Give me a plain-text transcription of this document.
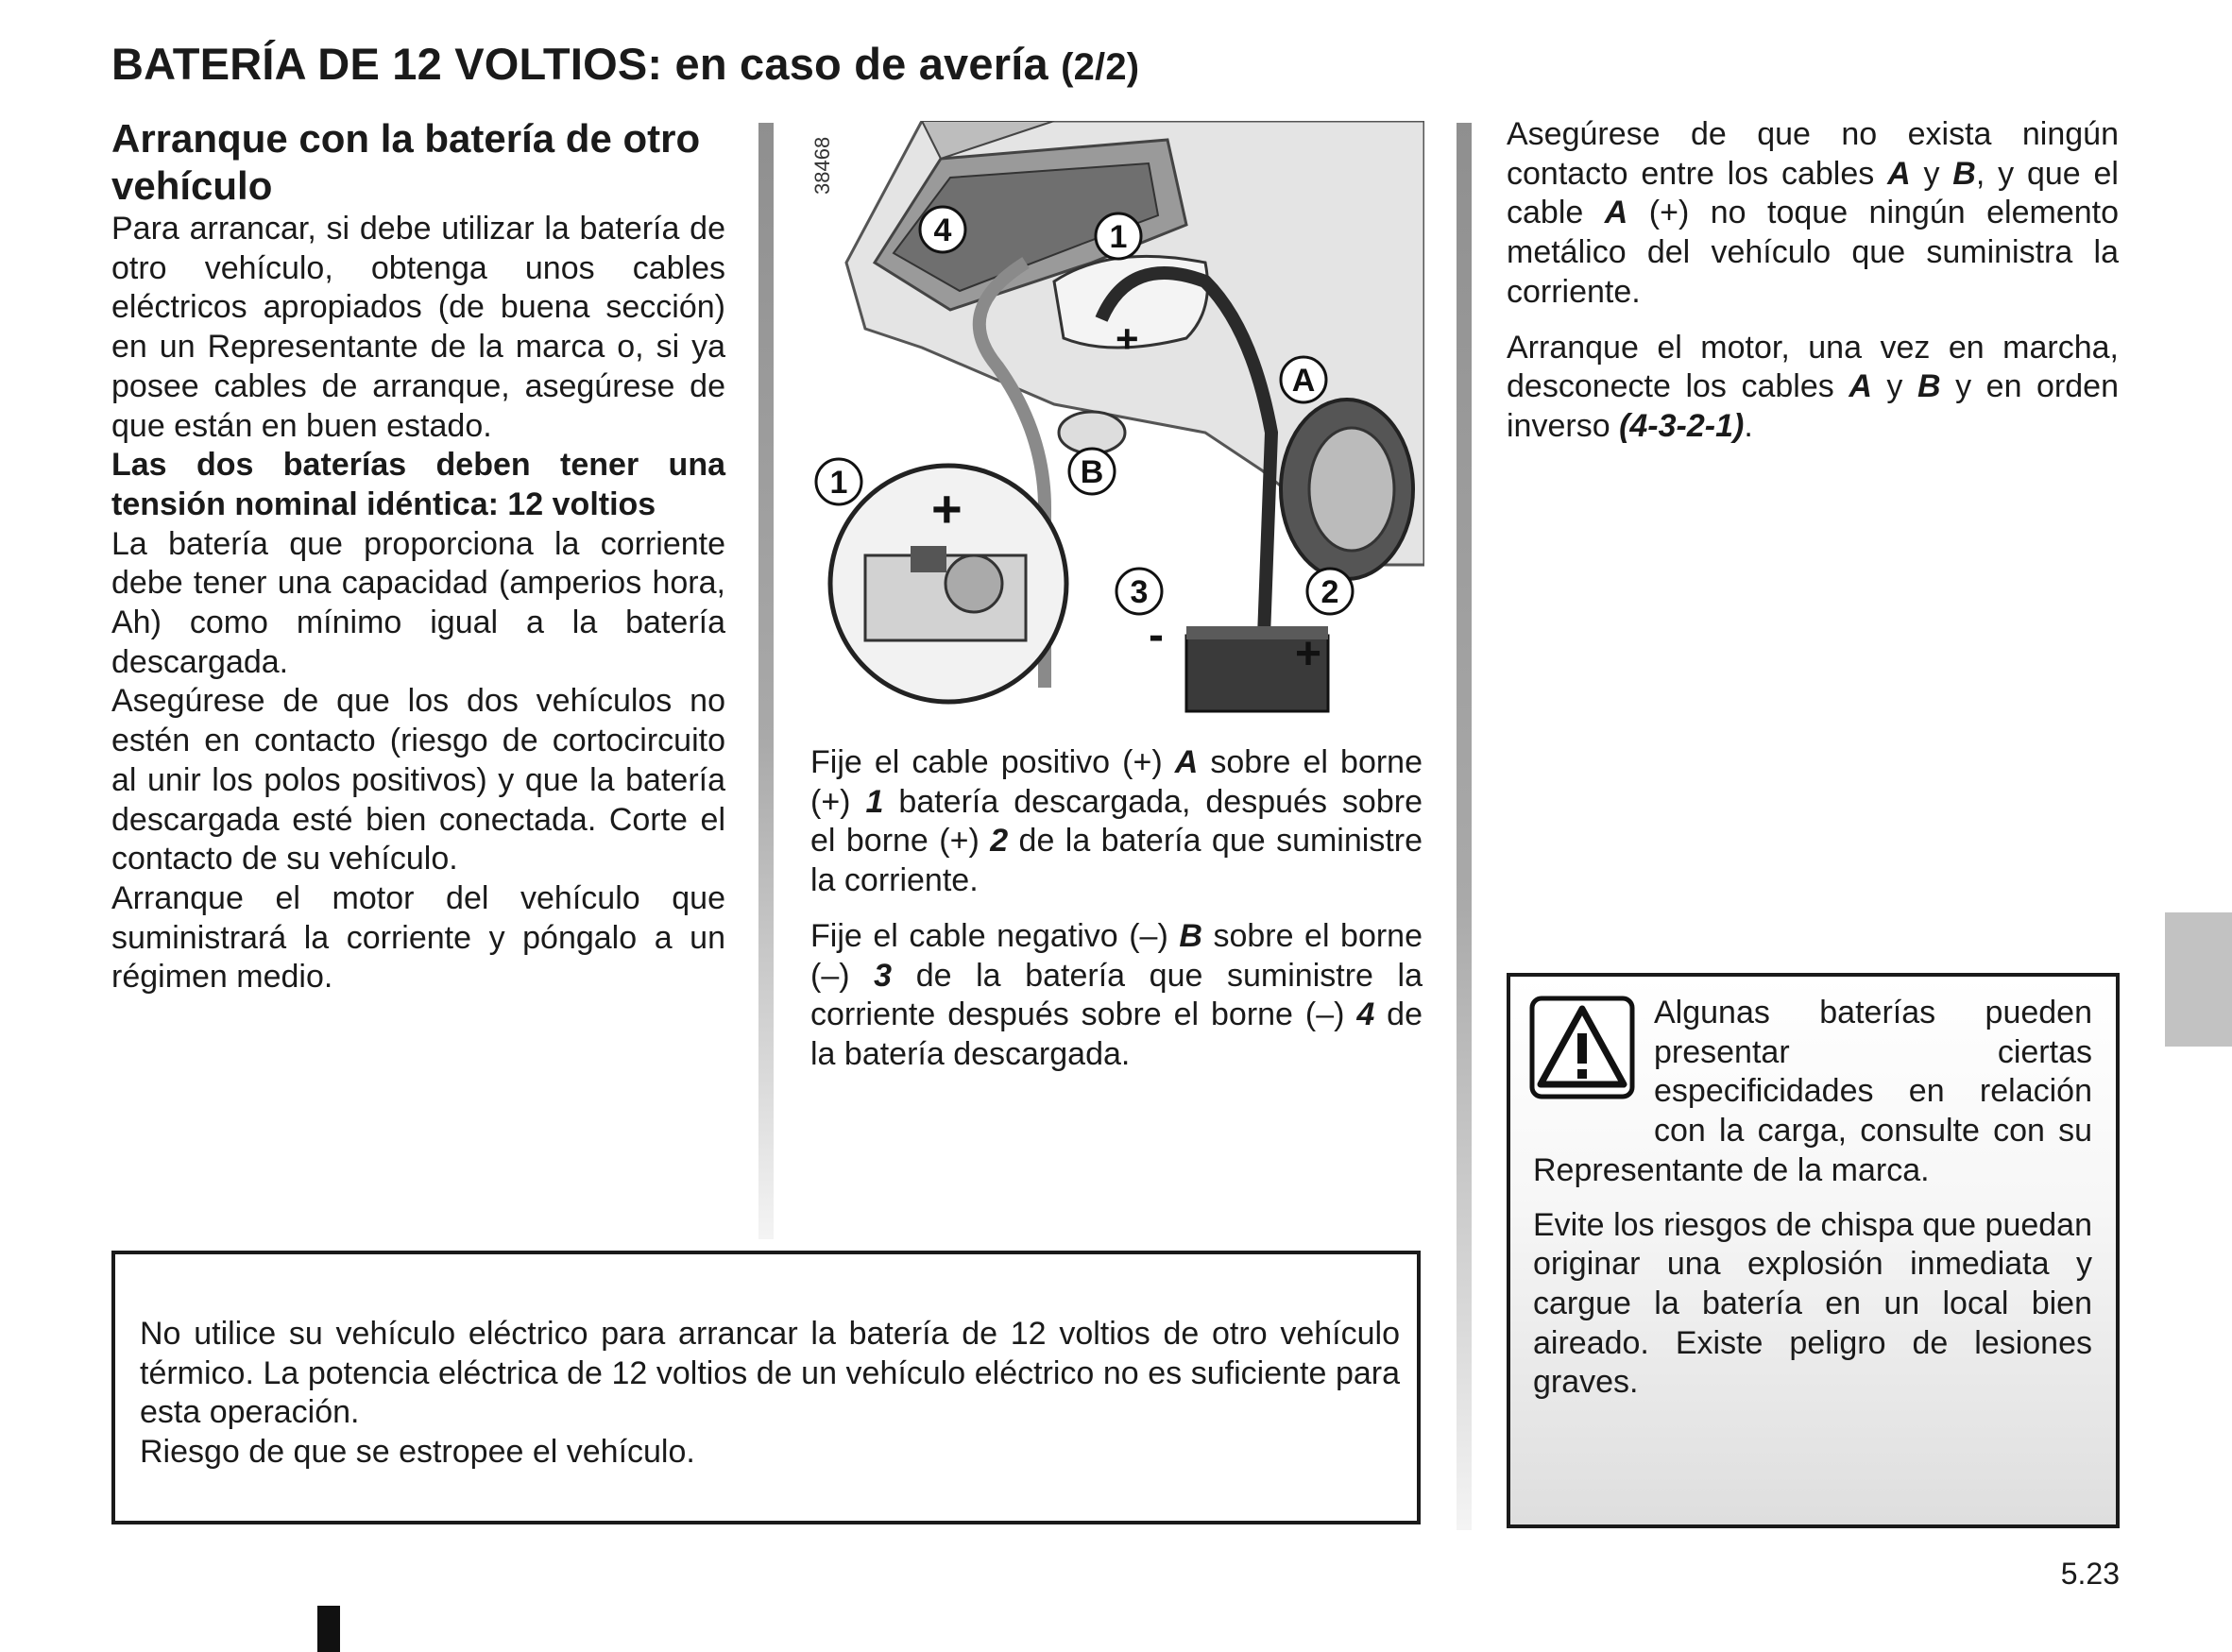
BATERÍA DE 12 VOLTIOS: en caso de avería (2/2)
Arranque con la batería de otro vehículo

Para arrancar, si debe utilizar la batería de otro vehículo, obtenga unos cables eléctricos apropiados (de buena sección) en un Representante de la marca o, si ya posee cables de arranque, asegúrese de que están en buen estado.

Las dos baterías deben tener una tensión nominal idéntica: 12 voltios

La batería que proporciona la corriente debe tener una capacidad (amperios hora, Ah) como mínimo igual a la batería descargada.

Asegúrese de que los dos vehículos no estén en contacto (riesgo de cortocircuito al unir los polos positivos) y que la batería descargada esté bien conectada. Corte el contacto de su vehículo.

Arranque el motor del vehículo que suministrará la corriente y póngalo a un régimen medio.

+
+
-	+
38468
4	1
A
1	B
3	2

Fije el cable positivo (+) A sobre el borne (+) 1 batería descargada, después sobre el borne (+) 2 de la batería que suministre la corriente.

Fije el cable negativo (–) B sobre el borne (–) 3 de la batería que suministre la corriente después sobre el borne (–) 4 de la batería descargada.

Asegúrese de que no exista ningún contacto entre los cables A y B, y que el cable A (+) no toque ningún elemento metálico del vehículo que suministra la corriente.

Arranque el motor, una vez en marcha, desconecte los cables A y B y en orden inverso (4-3-2-1).

Algunas baterías pueden presentar ciertas especificidades en relación con la carga, consulte con su Representante de la marca.

Evite los riesgos de chispa que puedan originar una explosión inmediata y cargue la batería en un local bien aireado. Existe peligro de lesiones graves.

No utilice su vehículo eléctrico para arrancar la batería de 12 voltios de otro vehículo térmico. La potencia eléctrica de 12 voltios de un vehículo eléctrico no es suficiente para esta operación.

Riesgo de que se estropee el vehículo.

5.23
